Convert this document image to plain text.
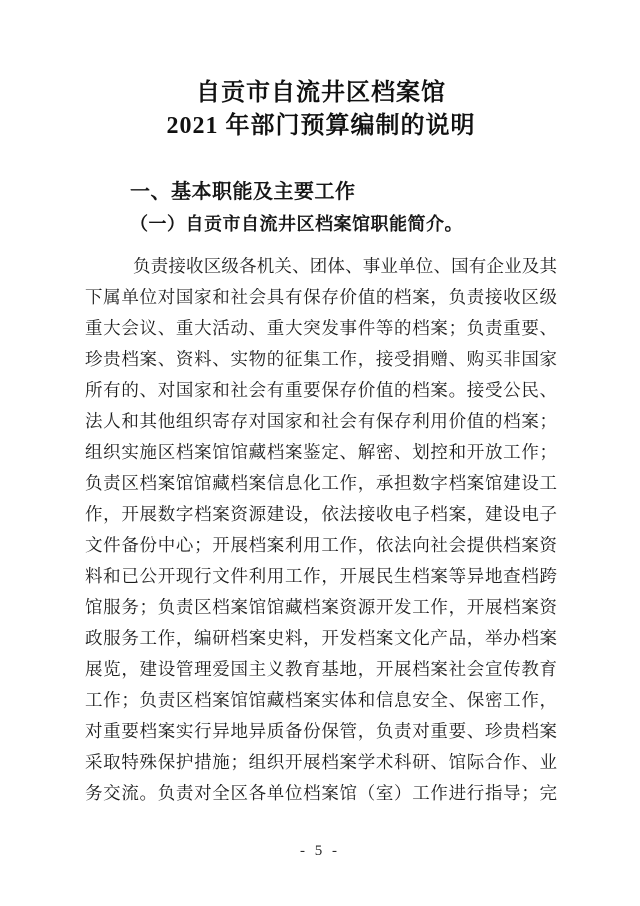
自贡市自流井区档案馆
2021 年部门预算编制的说明
一、基本职能及主要工作
（一）自贡市自流井区档案馆职能简介。
负责接收区级各机关、团体、事业单位、国有企业及其
下属单位对国家和社会具有保存价值的档案，负责接收区级
重大会议、重大活动、重大突发事件等的档案；负责重要、
珍贵档案、资料、实物的征集工作，接受捐赠、购买非国家
所有的、对国家和社会有重要保存价值的档案。接受公民、
法人和其他组织寄存对国家和社会有保存利用价值的档案；
组织实施区档案馆馆藏档案鉴定、解密、划控和开放工作；
负责区档案馆馆藏档案信息化工作，承担数字档案馆建设工
作，开展数字档案资源建设，依法接收电子档案，建设电子
文件备份中心；开展档案利用工作，依法向社会提供档案资
料和已公开现行文件利用工作，开展民生档案等异地查档跨
馆服务；负责区档案馆馆藏档案资源开发工作，开展档案资
政服务工作，编研档案史料，开发档案文化产品，举办档案
展览，建设管理爱国主义教育基地，开展档案社会宣传教育
工作；负责区档案馆馆藏档案实体和信息安全、保密工作，
对重要档案实行异地异质备份保管，负责对重要、珍贵档案
采取特殊保护措施；组织开展档案学术科研、馆际合作、业
务交流。负责对全区各单位档案馆（室）工作进行指导；完
- 5 -
